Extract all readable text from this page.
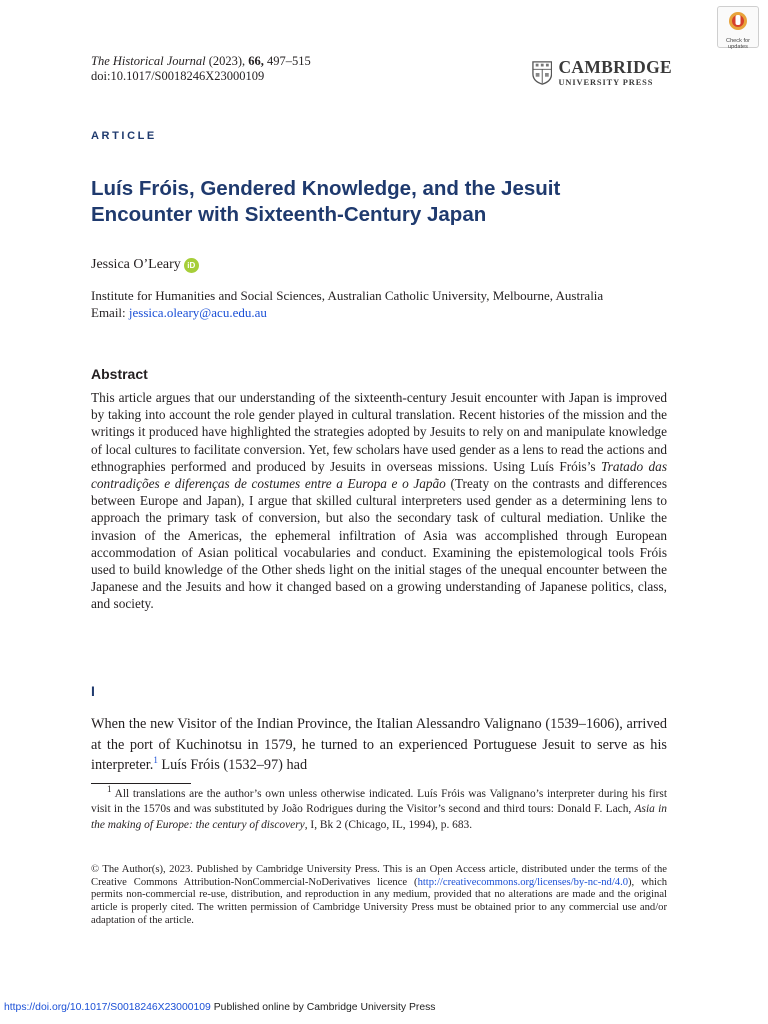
Check for updates
The Historical Journal (2023), 66, 497–515
doi:10.1017/S0018246X23000109	CAMBRIDGE
UNIVERSITY PRESS
ARTICLE
Luís Fróis, Gendered Knowledge, and the Jesuit
Encounter with Sixteenth-Century Japan
Jessica O’Leary iD
Institute for Humanities and Social Sciences, Australian Catholic University, Melbourne, Australia
Email: jessica.oleary@acu.edu.au
Abstract
This article argues that our understanding of the sixteenth-century Jesuit encounter with Japan is improved by taking into account the role gender played in cultural translation. Recent histories of the mission and the writings it produced have highlighted the strategies adopted by Jesuits to rely on and manipulate knowledge of local cultures to facilitate conversion. Yet, few scholars have used gender as a lens to read the actions and ethnographies performed and produced by Jesuits in overseas missions. Using Luís Fróis’s Tratado das contradições e diferenças de costumes entre a Europa e o Japão (Treaty on the contrasts and differences between Europe and Japan), I argue that skilled cultural interpreters used gender as a determining lens to approach the primary task of conversion, but also the secondary task of cultural mediation. Unlike the invasion of the Americas, the ephemeral infiltration of Asia was accomplished through European accommodation of Asian political vocabularies and conduct. Examining the epistemological tools Fróis used to build knowledge of the Other sheds light on the initial stages of the unequal encounter between the Japanese and the Jesuits and how it changed based on a growing understanding of Japanese politics, class, and society.
I
When the new Visitor of the Indian Province, the Italian Alessandro Valignano (1539–1606), arrived at the port of Kuchinotsu in 1579, he turned to an experienced Portuguese Jesuit to serve as his interpreter.$^1$ Luís Fróis (1532–97) had
$^1$ All translations are the author’s own unless otherwise indicated. Luís Fróis was Valignano’s interpreter during his first visit in the 1570s and was substituted by João Rodrigues during the Visitor’s second and third tours: Donald F. Lach, Asia in the making of Europe: the century of discovery, I, Bk 2 (Chicago, IL, 1994), p. 683.
© The Author(s), 2023. Published by Cambridge University Press. This is an Open Access article, distributed under the terms of the Creative Commons Attribution-NonCommercial-NoDerivatives licence (http://creativecommons.org/licenses/by-nc-nd/4.0), which permits non-commercial re-use, distribution, and reproduction in any medium, provided that no alterations are made and the original article is properly cited. The written permission of Cambridge University Press must be obtained prior to any commercial use and/or adaptation of the article.
https://doi.org/10.1017/S0018246X23000109 Published online by Cambridge University Press
